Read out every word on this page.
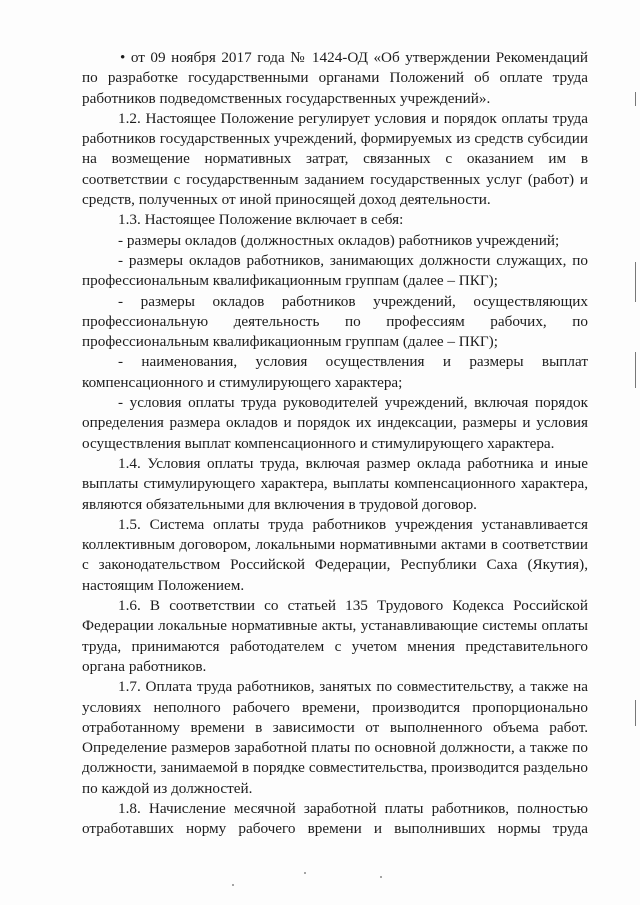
• от 09 ноября 2017 года № 1424-ОД «Об утверждении Рекомендаций по разработке государственными органами Положений об оплате труда работников подведомственных государственных учреждений».

1.2. Настоящее Положение регулирует условия и порядок оплаты труда работников государственных учреждений, формируемых из средств субсидии на возмещение нормативных затрат, связанных с оказанием им в соответствии с государственным заданием государственных услуг (работ) и средств, полученных от иной приносящей доход деятельности.

1.3. Настоящее Положение включает в себя:

- размеры окладов (должностных окладов) работников учреждений;

- размеры окладов работников, занимающих должности служащих, по профессиональным квалификационным группам (далее – ПКГ);

- размеры окладов работников учреждений, осуществляющих профессиональную деятельность по профессиям рабочих, по профессиональным квалификационным группам (далее – ПКГ);

- наименования, условия осуществления и размеры выплат компенсационного и стимулирующего характера;

- условия оплаты труда руководителей учреждений, включая порядок определения размера окладов и порядок их индексации, размеры и условия осуществления выплат компенсационного и стимулирующего характера.

1.4. Условия оплаты труда, включая размер оклада работника и иные выплаты стимулирующего характера, выплаты компенсационного характера, являются обязательными для включения в трудовой договор.

1.5. Система оплаты труда работников учреждения устанавливается коллективным договором, локальными нормативными актами в соответствии с законодательством Российской Федерации, Республики Саха (Якутия), настоящим Положением.

1.6. В соответствии со статьей 135 Трудового Кодекса Российской Федерации локальные нормативные акты, устанавливающие системы оплаты труда, принимаются работодателем с учетом мнения представительного органа работников.

1.7. Оплата труда работников, занятых по совместительству, а также на условиях неполного рабочего времени, производится пропорционально отработанному времени в зависимости от выполненного объема работ. Определение размеров заработной платы по основной должности, а также по должности, занимаемой в порядке совместительства, производится раздельно по каждой из должностей.

1.8. Начисление месячной заработной платы работников, полностью отработавших норму рабочего времени и выполнивших нормы труда
